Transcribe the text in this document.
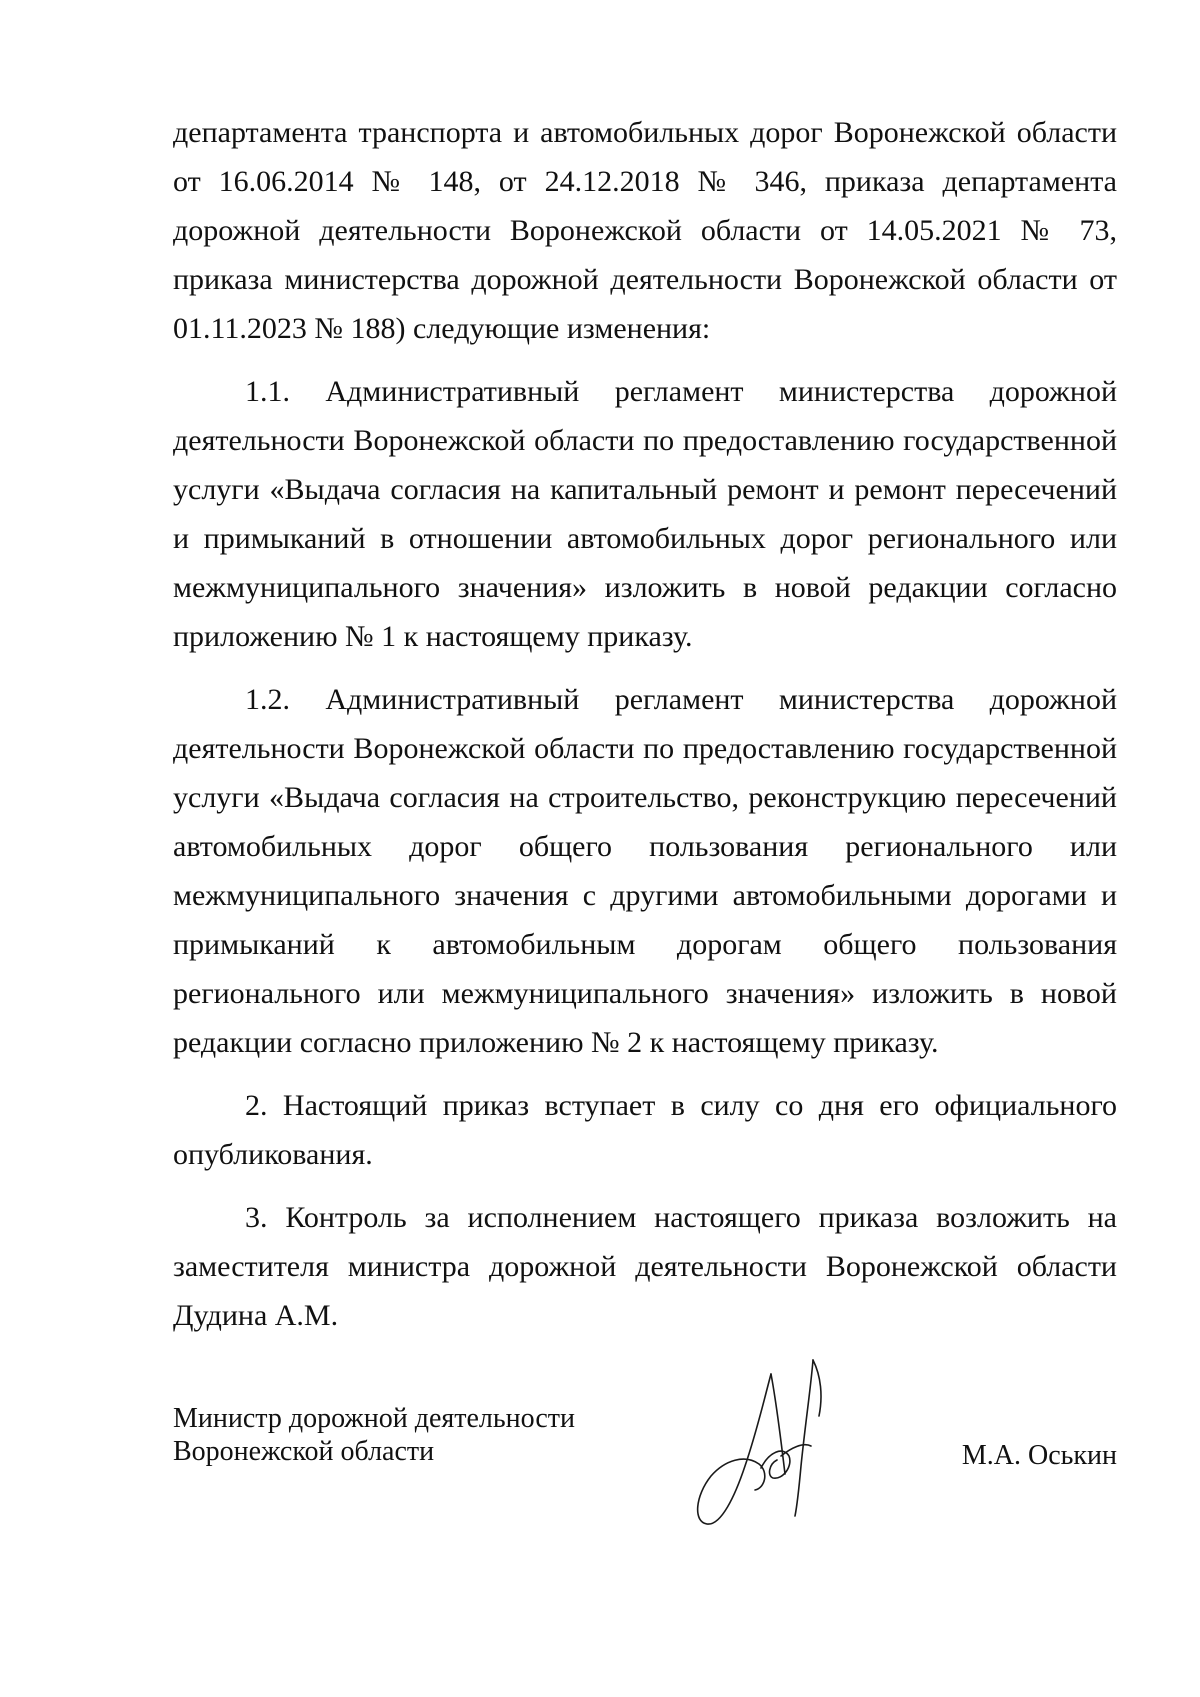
департамента транспорта и автомобильных дорог Воронежской области от 16.06.2014 № 148, от 24.12.2018 № 346, приказа департамента дорожной деятельности Воронежской области от 14.05.2021 № 73, приказа министерства дорожной деятельности Воронежской области от 01.11.2023 № 188) следующие изменения:

1.1. Административный регламент министерства дорожной деятельности Воронежской области по предоставлению государственной услуги «Выдача согласия на капитальный ремонт и ремонт пересечений и примыканий в отношении автомобильных дорог регионального или межмуниципального значения» изложить в новой редакции согласно приложению № 1 к настоящему приказу.

1.2. Административный регламент министерства дорожной деятельности Воронежской области по предоставлению государственной услуги «Выдача согласия на строительство, реконструкцию пересечений автомобильных дорог общего пользования регионального или межмуниципального значения с другими автомобильными дорогами и примыканий к автомобильным дорогам общего пользования регионального или межмуниципального значения» изложить в новой редакции согласно приложению № 2 к настоящему приказу.

2. Настоящий приказ вступает в силу со дня его официального опубликования.

3. Контроль за исполнением настоящего приказа возложить на заместителя министра дорожной деятельности Воронежской области Дудина А.М.

Министр дорожной деятельности
Воронежской области	М.А. Оськин
